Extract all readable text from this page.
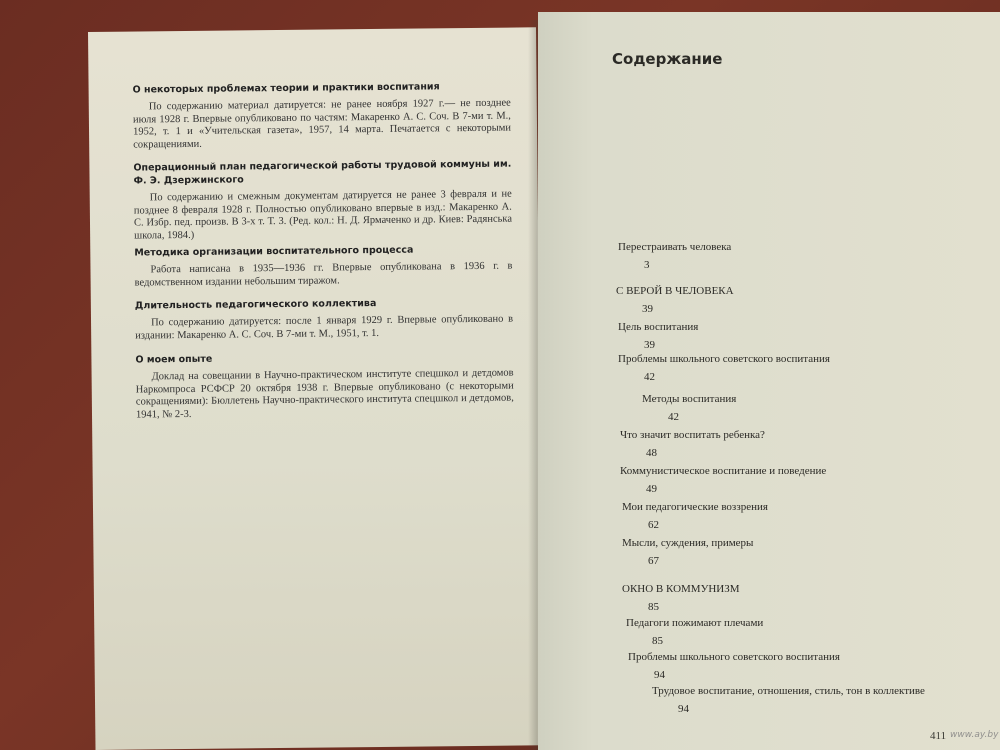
О некоторых проблемах теории и практики воспитания

По содержанию материал датируется: не ранее ноября 1927 г.— не позднее июля 1928 г. Впервые опубликовано по частям: Макаренко А. С. Соч. В 7-ми т. М., 1952, т. 1 и «Учительская газета», 1957, 14 марта. Печатается с некоторыми сокращениями.

Операционный план педагогической работы трудовой коммуны им. Ф. Э. Дзержинского

По содержанию и смежным документам датируется не ранее 3 февраля и не позднее 8 февраля 1928 г. Полностью опубликовано впервые в изд.: Макаренко А. С. Избр. пед. произв. В 3-х т. Т. 3. (Ред. кол.: Н. Д. Ярмаченко и др. Киев: Радянська школа, 1984.)

Методика организации воспитательного процесса

Работа написана в 1935—1936 гг. Впервые опубликована в 1936 г. в ведомственном издании небольшим тиражом.

Длительность педагогического коллектива

По содержанию датируется: после 1 января 1929 г. Впервые опубликовано в издании: Макаренко А. С. Соч. В 7-ми т. М., 1951, т. 1.

О моем опыте

Доклад на совещании в Научно-практическом институте спецшкол и детдомов Наркомпроса РСФСР 20 октября 1938 г. Впервые опубликовано (с некоторыми сокращениями): Бюллетень Научно-практического института спецшкол и детдомов, 1941, № 2-3.

Содержание
Перестраивать человека
3
С ВЕРОЙ В ЧЕЛОВЕКА
39
Цель воспитания
39
Проблемы школьного советского воспитания
42
Методы воспитания
42
Что значит воспитать ребенка?
48
Коммунистическое воспитание и поведение
49
Мои педагогические воззрения
62
Мысли, суждения, примеры
67
ОКНО В КОММУНИЗМ
85
Педагоги пожимают плечами
85
Проблемы школьного советского воспитания
94
Трудовое воспитание, отношения, стиль, тон в коллективе
94
411 www.ay.by
